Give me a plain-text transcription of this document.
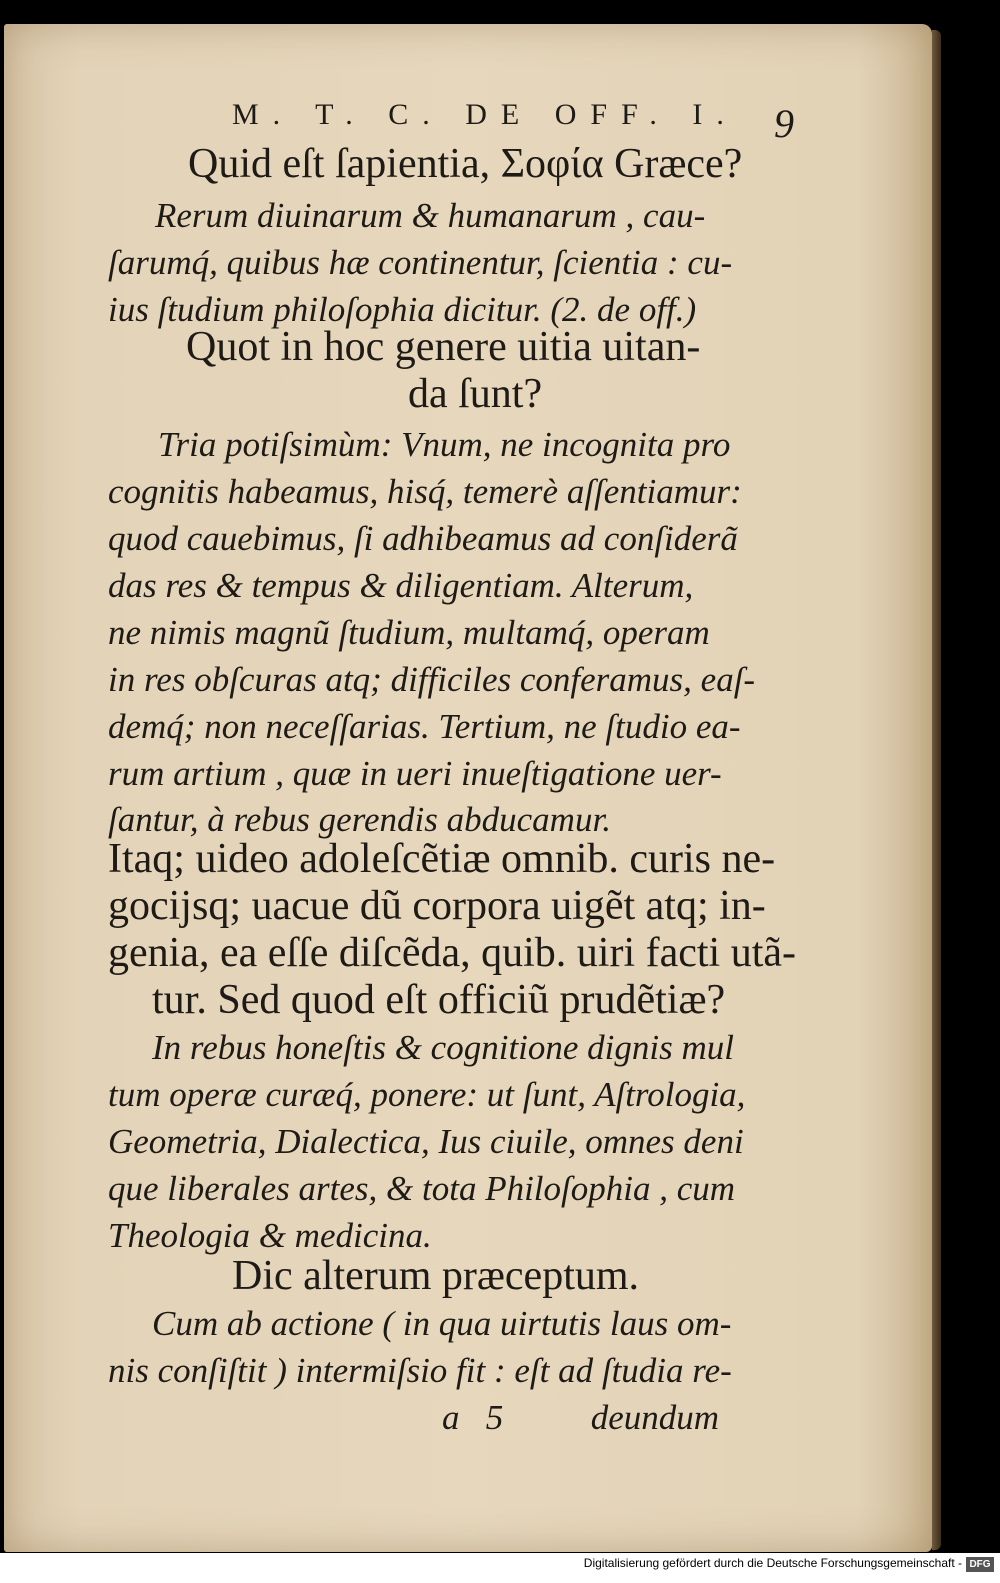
M. T. C. DE OFF. I. 9
Quid eſt ſapientia, Σοφία Græce?
Rerum diuinarum & humanarum , cau-
ſarumq́, quibus hæ continentur, ſcientia : cu-
ius ſtudium philoſophia dicitur. (2. de off.)
Quot in hoc genere uitia uitan-
da ſunt?
Tria potiſsimùm: Vnum, ne incognita pro
cognitis habeamus, hisq́, temerè aſſentiamur:
quod cauebimus, ſi adhibeamus ad conſiderã
das res & tempus & diligentiam. Alterum,
ne nimis magnũ ſtudium, multamq́, operam
in res obſcuras atq; difficiles conferamus, eaſ-
demq́; non neceſſarias. Tertium, ne ſtudio ea-
rum artium , quæ in ueri inueſtigatione uer-
ſantur, à rebus gerendis abducamur.
Itaq; uideo adoleſcẽtiæ omnib. curis ne-
gocijsq; uacue dũ corpora uigẽt atq; in-
genia, ea eſſe diſcẽda, quib. uiri facti utã-
tur. Sed quod eſt officiũ prudẽtiæ?
In rebus honeſtis & cognitione dignis mul
tum operæ curæq́, ponere: ut ſunt, Aſtrologia,
Geometria, Dialectica, Ius ciuile, omnes deni
que liberales artes, & tota Philoſophia , cum
Theologia & medicina.
Dic alterum præceptum.
Cum ab actione ( in qua uirtutis laus om-
nis conſiſtit ) intermiſsio fit : eſt ad ſtudia re-
a   5          deundum
Digitalisierung gefördert durch die Deutsche Forschungsgemeinschaft - DFG
